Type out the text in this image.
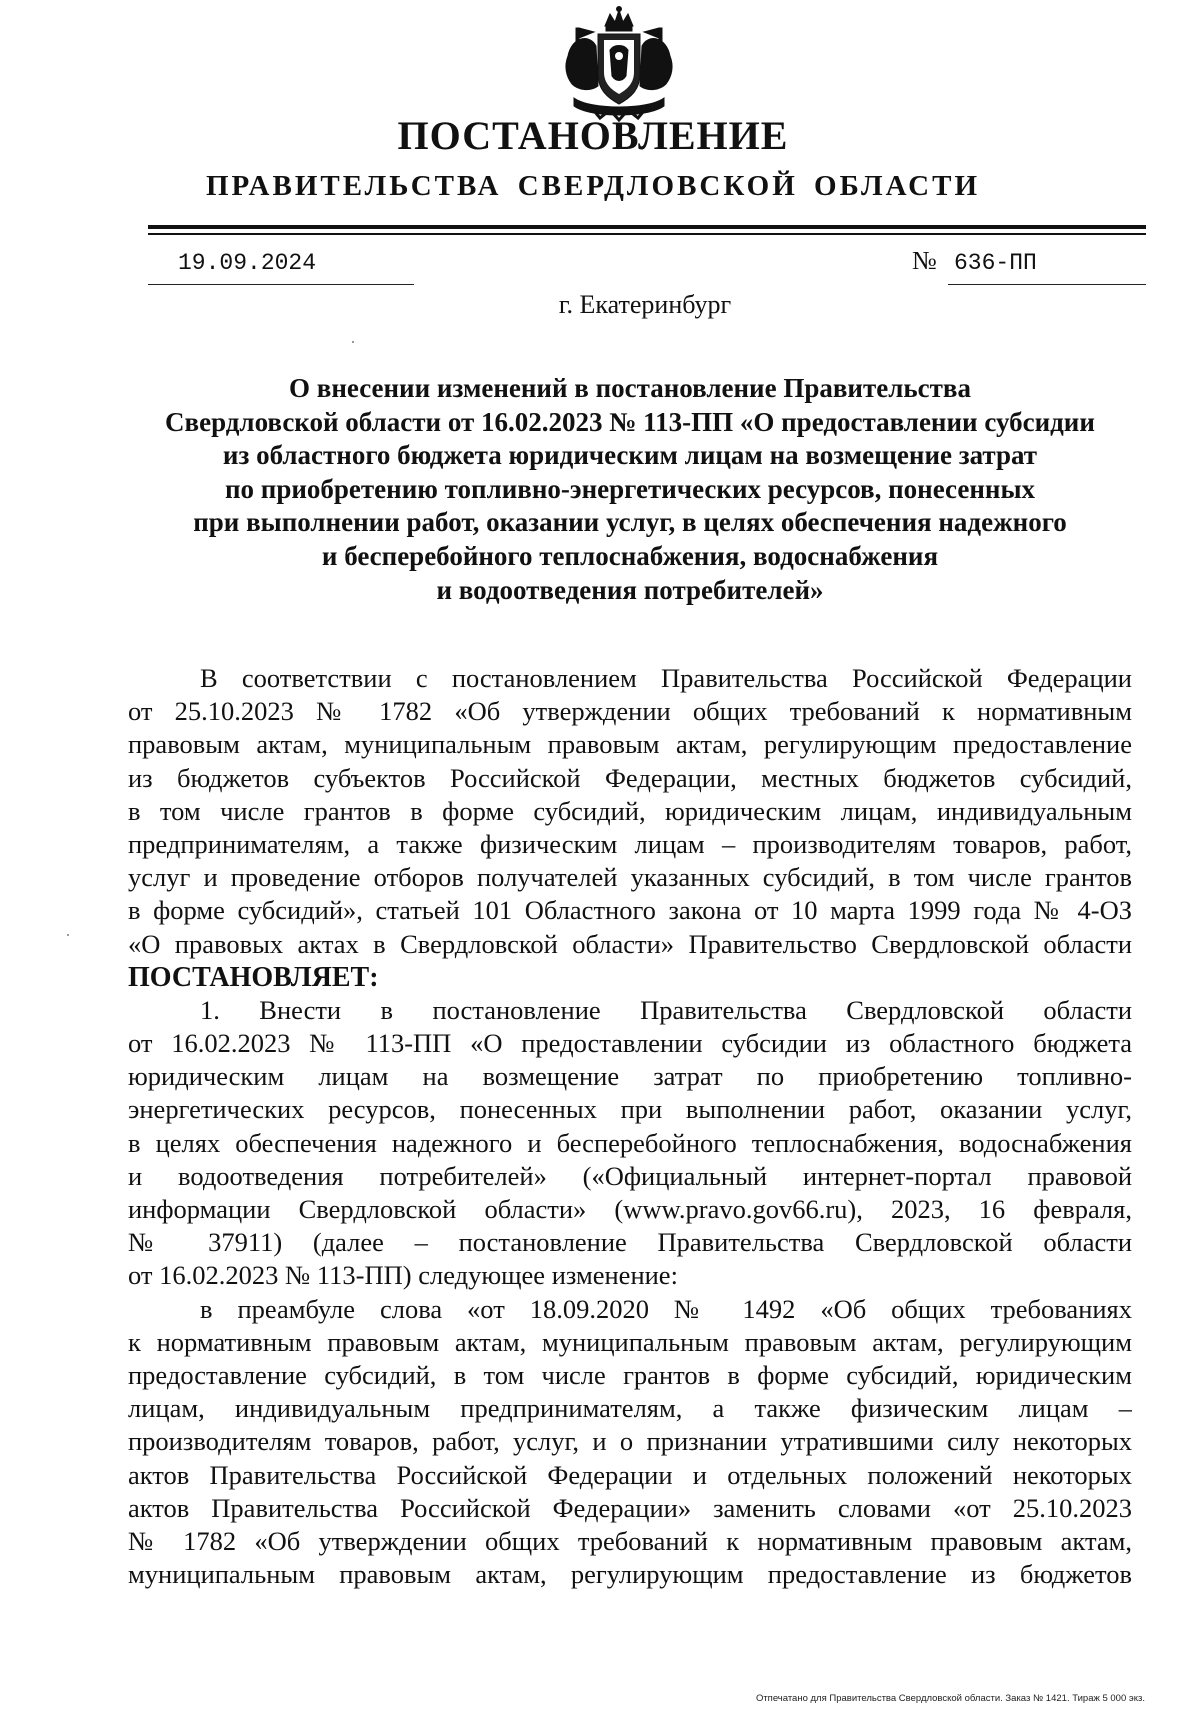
ПОСТАНОВЛЕНИЕ
ПРАВИТЕЛЬСТВА СВЕРДЛОВСКОЙ ОБЛАСТИ
19.09.2024	№ 636-ПП
г. Екатеринбург
О внесении изменений в постановление Правительства
Свердловской области от 16.02.2023 № 113-ПП «О предоставлении субсидии
из областного бюджета юридическим лицам на возмещение затрат
по приобретению топливно-энергетических ресурсов, понесенных
при выполнении работ, оказании услуг, в целях обеспечения надежного
и бесперебойного теплоснабжения, водоснабжения
и водоотведения потребителей»
В соответствии с постановлением Правительства Российской Федерации
от 25.10.2023 № 1782 «Об утверждении общих требований к нормативным
правовым актам, муниципальным правовым актам, регулирующим предоставление
из бюджетов субъектов Российской Федерации, местных бюджетов субсидий,
в том числе грантов в форме субсидий, юридическим лицам, индивидуальным
предпринимателям, а также физическим лицам – производителям товаров, работ,
услуг и проведение отборов получателей указанных субсидий, в том числе грантов
в форме субсидий», статьей 101 Областного закона от 10 марта 1999 года № 4-ОЗ
«О правовых актах в Свердловской области» Правительство Свердловской области
ПОСТАНОВЛЯЕТ:
1. Внести в постановление Правительства Свердловской области
от 16.02.2023 № 113-ПП «О предоставлении субсидии из областного бюджета
юридическим лицам на возмещение затрат по приобретению топливно-
энергетических ресурсов, понесенных при выполнении работ, оказании услуг,
в целях обеспечения надежного и бесперебойного теплоснабжения, водоснабжения
и водоотведения потребителей» («Официальный интернет-портал правовой
информации Свердловской области» (www.pravo.gov66.ru), 2023, 16 февраля,
№ 37911) (далее – постановление Правительства Свердловской области
от 16.02.2023 № 113-ПП) следующее изменение:
в преамбуле слова «от 18.09.2020 № 1492 «Об общих требованиях
к нормативным правовым актам, муниципальным правовым актам, регулирующим
предоставление субсидий, в том числе грантов в форме субсидий, юридическим
лицам, индивидуальным предпринимателям, а также физическим лицам –
производителям товаров, работ, услуг, и о признании утратившими силу некоторых
актов Правительства Российской Федерации и отдельных положений некоторых
актов Правительства Российской Федерации» заменить словами «от 25.10.2023
№ 1782 «Об утверждении общих требований к нормативным правовым актам,
муниципальным правовым актам, регулирующим предоставление из бюджетов
Отпечатано для Правительства Свердловской области. Заказ № 1421. Тираж 5 000 экз.
